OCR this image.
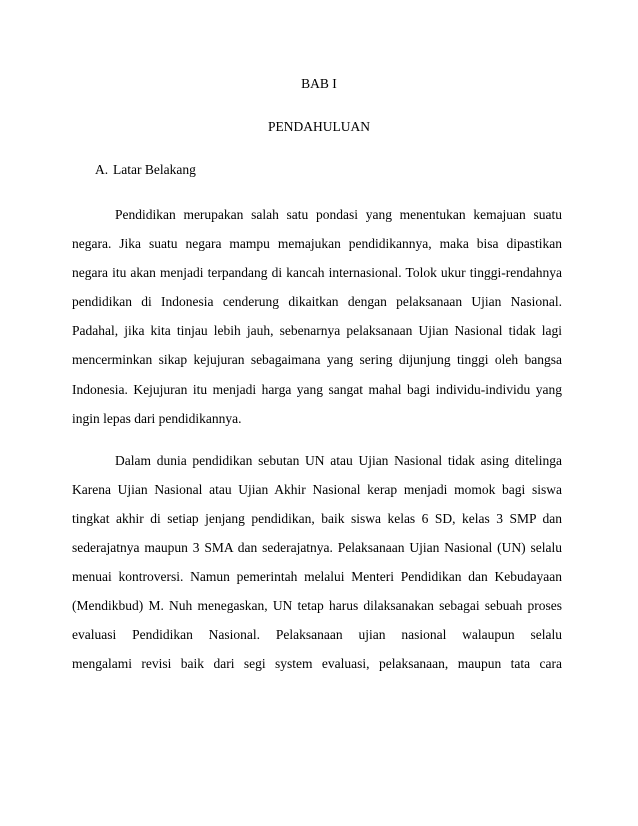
BAB I
PENDAHULUAN
A. Latar Belakang
Pendidikan merupakan salah satu pondasi yang menentukan kemajuan suatu
negara. Jika suatu negara mampu memajukan pendidikannya, maka bisa dipastikan
negara itu akan menjadi terpandang di kancah internasional. Tolok ukur tinggi-rendahnya
pendidikan di Indonesia cenderung dikaitkan dengan pelaksanaan Ujian Nasional.
Padahal, jika kita tinjau lebih jauh, sebenarnya pelaksanaan Ujian Nasional tidak lagi
mencerminkan sikap kejujuran sebagaimana yang sering dijunjung tinggi oleh bangsa
Indonesia. Kejujuran itu menjadi harga yang sangat mahal bagi individu-individu yang
ingin lepas dari pendidikannya.
Dalam dunia pendidikan sebutan UN atau Ujian Nasional tidak asing ditelinga
Karena Ujian Nasional atau Ujian Akhir Nasional kerap menjadi momok bagi siswa
tingkat akhir di setiap jenjang pendidikan, baik siswa kelas 6 SD, kelas 3 SMP dan
sederajatnya maupun 3 SMA dan sederajatnya. Pelaksanaan Ujian Nasional (UN) selalu
menuai kontroversi. Namun pemerintah melalui Menteri Pendidikan dan Kebudayaan
(Mendikbud) M. Nuh menegaskan, UN tetap harus dilaksanakan sebagai sebuah proses
evaluasi Pendidikan Nasional. Pelaksanaan ujian nasional walaupun selalu
mengalami revisi baik dari segi system evaluasi, pelaksanaan, maupun tata cara
